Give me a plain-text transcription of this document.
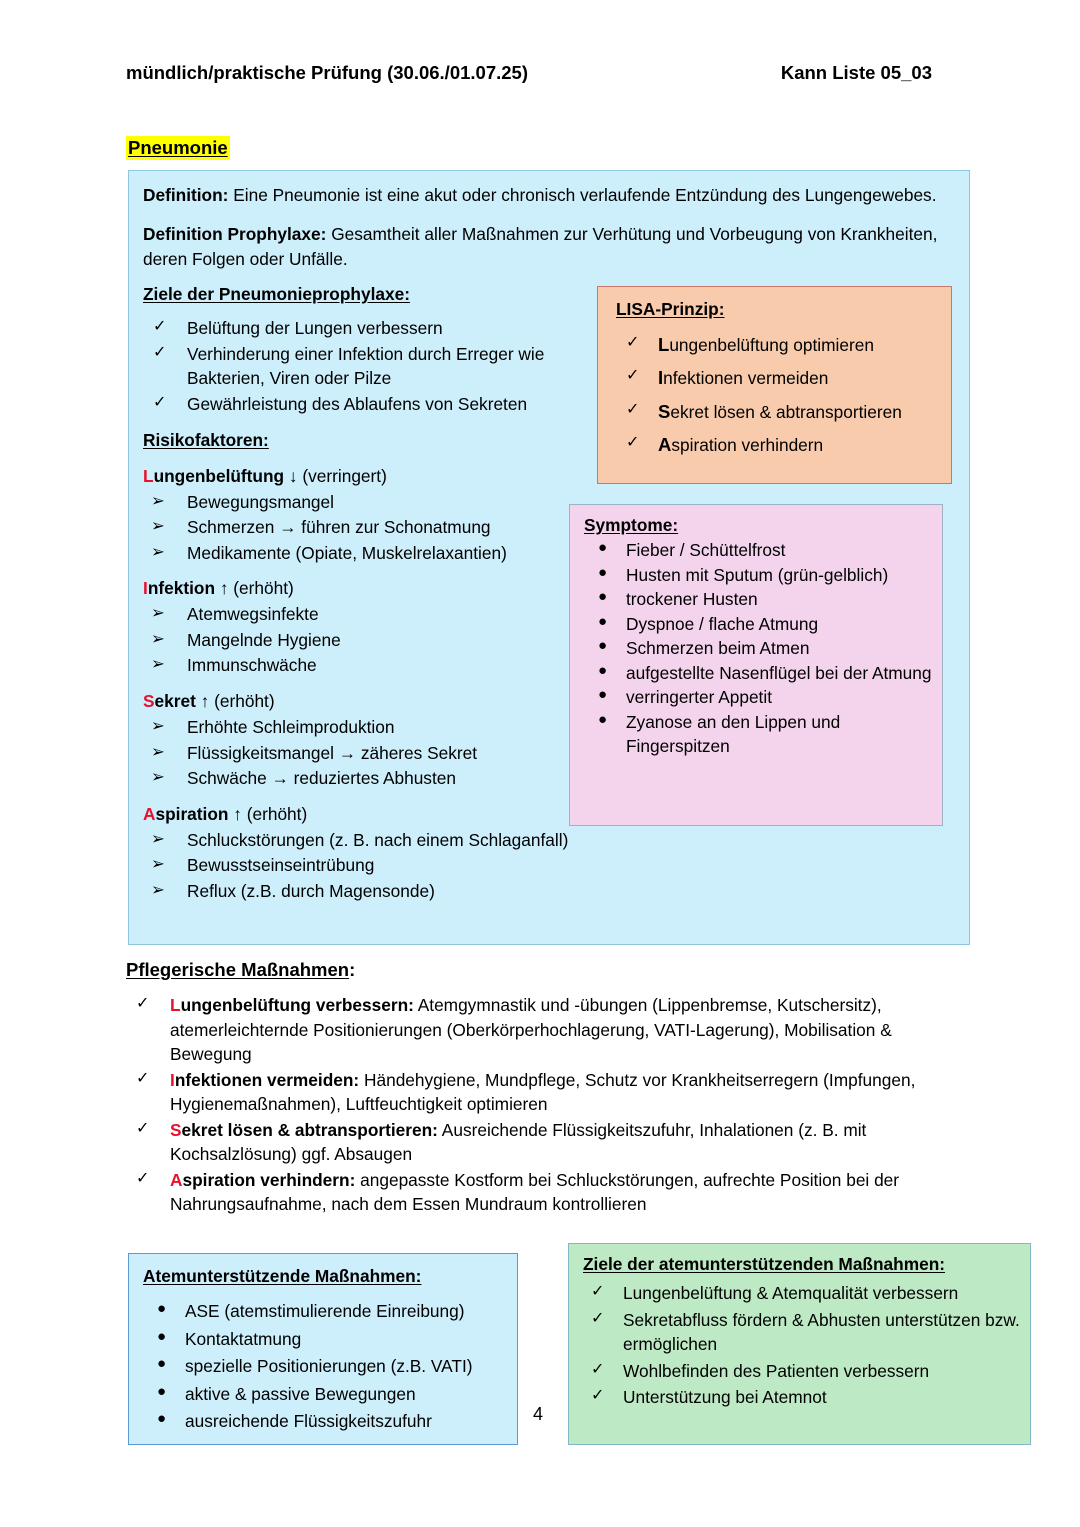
mündlich/praktische Prüfung (30.06./01.07.25)	Kann Liste 05_03
Pneumonie
Definition: Eine Pneumonie ist eine akut oder chronisch verlaufende Entzündung des Lungengewebes.
Definition Prophylaxe: Gesamtheit aller Maßnahmen zur Verhütung und Vorbeugung von Krankheiten, deren Folgen oder Unfälle.
Ziele der Pneumonieprophylaxe:
✓ Belüftung der Lungen verbessern
✓ Verhinderung einer Infektion durch Erreger wie Bakterien, Viren oder Pilze
✓ Gewährleistung des Ablaufens von Sekreten
Risikofaktoren:
Lungenbelüftung ↓ (verringert)
➢ Bewegungsmangel
➢ Schmerzen → führen zur Schonatmung
➢ Medikamente (Opiate, Muskelrelaxantien)
Infektion ↑ (erhöht)
➢ Atemwegsinfekte
➢ Mangelnde Hygiene
➢ Immunschwäche
Sekret ↑ (erhöht)
➢ Erhöhte Schleimproduktion
➢ Flüssigkeitsmangel → zäheres Sekret
➢ Schwäche → reduziertes Abhusten
Aspiration ↑ (erhöht)
➢ Schluckstörungen (z. B. nach einem Schlaganfall)
➢ Bewusstseinseintrübung
➢ Reflux (z.B. durch Magensonde)
LISA-Prinzip:
✓ Lungenbelüftung optimieren
✓ Infektionen vermeiden
✓ Sekret lösen & abtransportieren
✓ Aspiration verhindern
Symptome:
● Fieber / Schüttelfrost
● Husten mit Sputum (grün-gelblich)
● trockener Husten
● Dyspnoe / flache Atmung
● Schmerzen beim Atmen
● aufgestellte Nasenflügel bei der Atmung
● verringerter Appetit
● Zyanose an den Lippen und Fingerspitzen
Pflegerische Maßnahmen:
✓ Lungenbelüftung verbessern: Atemgymnastik und -übungen (Lippenbremse, Kutschersitz), atemerleichternde Positionierungen (Oberkörperhochlagerung, VATI-Lagerung), Mobilisation & Bewegung
✓ Infektionen vermeiden: Händehygiene, Mundpflege, Schutz vor Krankheitserregern (Impfungen, Hygienemaßnahmen), Luftfeuchtigkeit optimieren
✓ Sekret lösen & abtransportieren: Ausreichende Flüssigkeitszufuhr, Inhalationen (z. B. mit Kochsalzlösung) ggf. Absaugen
✓ Aspiration verhindern: angepasste Kostform bei Schluckstörungen, aufrechte Position bei der Nahrungsaufnahme, nach dem Essen Mundraum kontrollieren
Atemunterstützende Maßnahmen:
● ASE (atemstimulierende Einreibung)
● Kontaktatmung
● spezielle Positionierungen (z.B. VATI)
● aktive & passive Bewegungen
● ausreichende Flüssigkeitszufuhr
Ziele der atemunterstützenden Maßnahmen:
✓ Lungenbelüftung & Atemqualität verbessern
✓ Sekretabfluss fördern & Abhusten unterstützen bzw. ermöglichen
✓ Wohlbefinden des Patienten verbessern
✓ Unterstützung bei Atemnot
4
